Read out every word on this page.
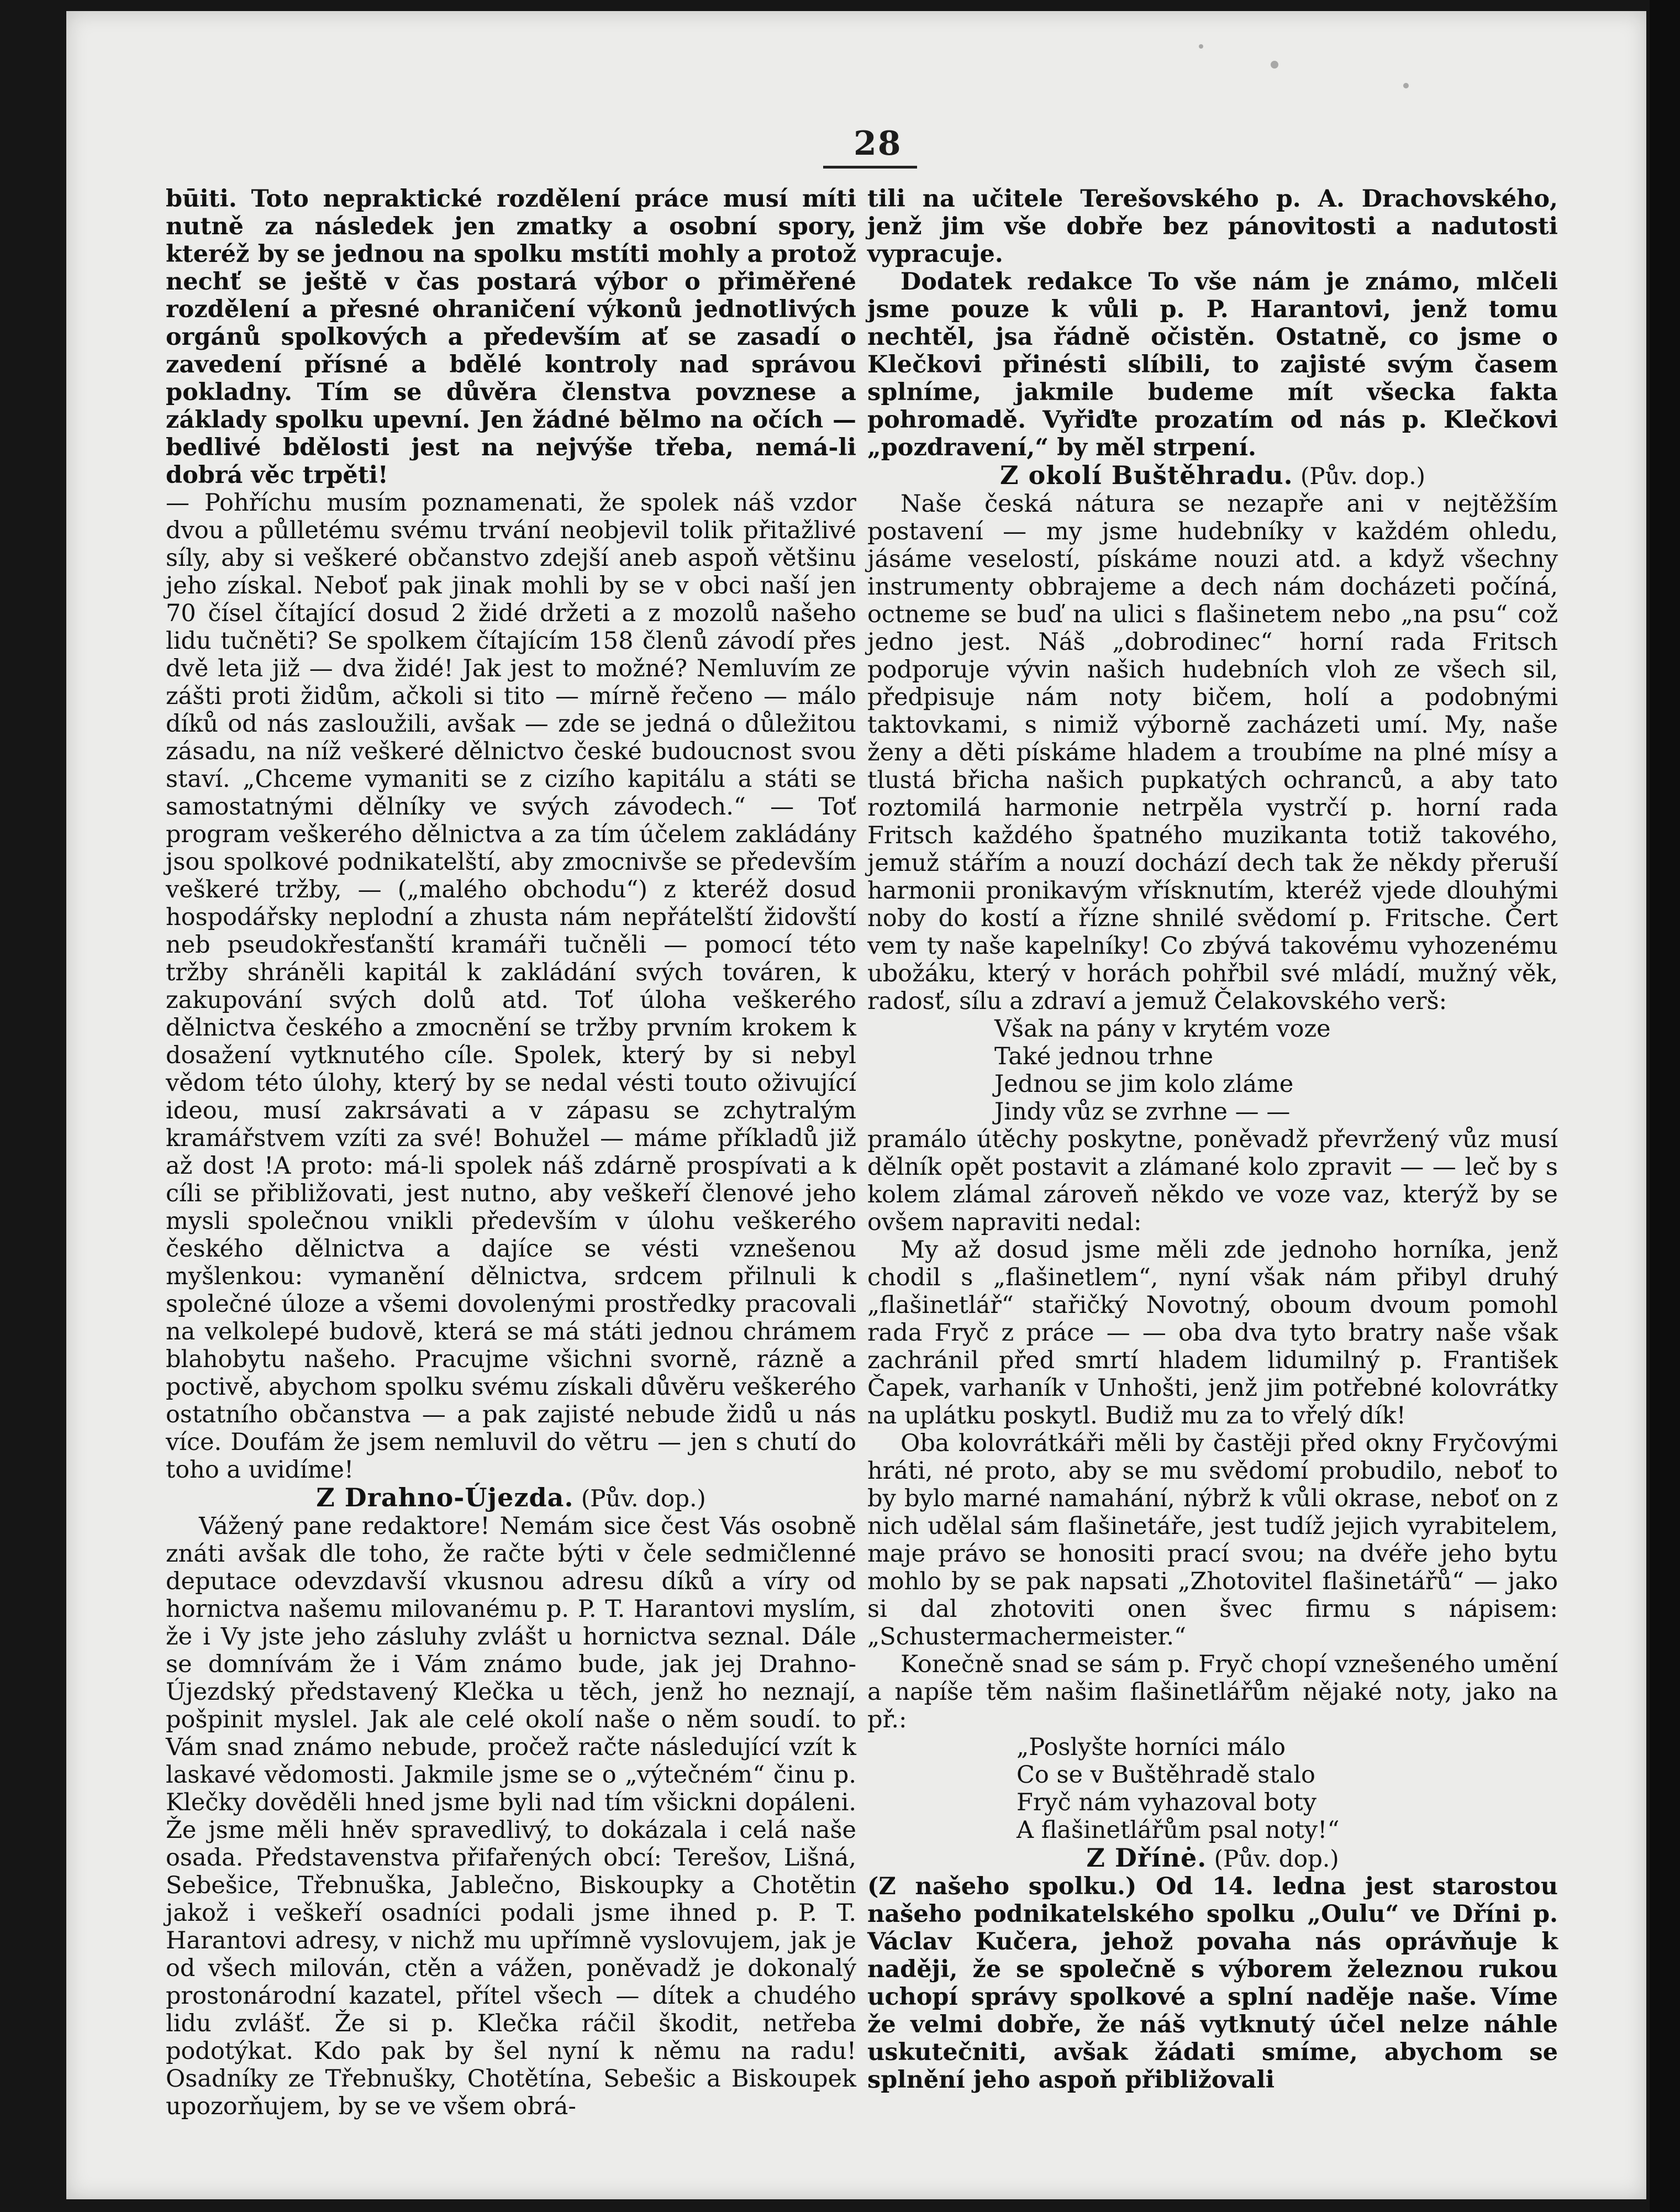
28

būiti. Toto nepraktické rozdělení práce musí míti nutně za následek jen zmatky a osobní spory, kteréž by se jednou na spolku mstíti mohly a protož nechť se ještě v čas postará výbor o přiměřené rozdělení a přesné ohraničení výkonů jednotlivých orgánů spolkových a především ať se zasadí o zavedení přísné a bdělé kontroly nad správou pokladny. Tím se důvěra členstva povznese a základy spolku upevní. Jen žádné bělmo na očích — bedlivé bdělosti jest na nejvýše třeba, nemá-li dobrá věc trpěti!

— Pohříchu musím poznamenati, že spolek náš vzdor dvou a půlletému svému trvání neobjevil tolik přitažlivé síly, aby si veškeré občanstvo zdejší aneb aspoň většinu jeho získal. Neboť pak jinak mohli by se v obci naší jen 70 čísel čítající dosud 2 židé držeti a z mozolů našeho lidu tučněti? Se spolkem čítajícím 158 členů závodí přes dvě leta již — dva židé! Jak jest to možné? Nemluvím ze zášti proti židům, ačkoli si tito — mírně řečeno — málo díků od nás zasloužili, avšak — zde se jedná o důležitou zásadu, na níž veškeré dělnictvo české budoucnost svou staví. „Chceme vymaniti se z cizího kapitálu a státi se samostatnými dělníky ve svých závodech.“ — Toť program veškerého dělnictva a za tím účelem zakládány jsou spolkové podnikatelští, aby zmocnivše se především veškeré tržby, — („malého obchodu“) z kteréž dosud hospodářsky neplodní a zhusta nám nepřátelští židovští neb pseudokřesťanští kramáři tučněli — pomocí této tržby shráněli kapitál k zakládání svých továren, k zakupování svých dolů atd. Toť úloha veškerého dělnictva českého a zmocnění se tržby prvním krokem k dosažení vytknutého cíle. Spolek, který by si nebyl vědom této úlohy, který by se nedal vésti touto oživující ideou, musí zakrsávati a v zápasu se zchytralým kramářstvem vzíti za své! Bohužel — máme příkladů již až dost !A proto: má-li spolek náš zdárně prospívati a k cíli se přibližovati, jest nutno, aby veškeří členové jeho mysli společnou vnikli především v úlohu veškerého českého dělnictva a dajíce se vésti vznešenou myšlenkou: vymanění dělnictva, srdcem přilnuli k společné úloze a všemi dovolenými prostředky pracovali na velkolepé budově, která se má státi jednou chrámem blahobytu našeho. Pracujme všichni svorně, rázně a poctivě, abychom spolku svému získali důvěru veškerého ostatního občanstva — a pak zajisté nebude židů u nás více. Doufám že jsem nemluvil do větru — jen s chutí do toho a uvidíme!

Z Drahno-Újezda. (Pův. dop.)

Vážený pane redaktore! Nemám sice čest Vás osobně znáti avšak dle toho, že račte býti v čele sedmičlenné deputace odevzdavší vkusnou adresu díků a víry od hornictva našemu milovanému p. P. T. Harantovi myslím, že i Vy jste jeho zásluhy zvlášt u hornictva seznal. Dále se domnívám že i Vám známo bude, jak jej Drahno-Újezdský představený Klečka u těch, jenž ho neznají, pošpinit myslel. Jak ale celé okolí naše o něm soudí. to Vám snad známo nebude, pročež račte následující vzít k laskavé vědomosti. Jakmile jsme se o „výtečném“ činu p. Klečky dověděli hned jsme byli nad tím všickni dopáleni. Že jsme měli hněv spravedlivý, to dokázala i celá naše osada. Představenstva přifařených obcí: Terešov, Lišná, Sebešice, Třebnuška, Jablečno, Biskoupky a Chotětin jakož i veškeří osadníci podali jsme ihned p. P. T. Harantovi adresy, v nichž mu upřímně vyslovujem, jak je od všech milován, ctěn a vážen, poněvadž je dokonalý prostonárodní kazatel, přítel všech — dítek a chudého lidu zvlášť. Že si p. Klečka ráčil škodit, netřeba podotýkat. Kdo pak by šel nyní k němu na radu! Osadníky ze Třebnušky, Chotětína, Sebešic a Biskoupek upozorňujem, by se ve všem obrá-

tili na učitele Terešovského p. A. Drachovského, jenž jim vše dobře bez pánovitosti a nadutosti vypracuje.

Dodatek redakce To vše nám je známo, mlčeli jsme pouze k vůli p. P. Harantovi, jenž tomu nechtěl, jsa řádně očistěn. Ostatně, co jsme o Klečkovi přinésti slíbili, to zajisté svým časem splníme, jakmile budeme mít všecka fakta pohromadě. Vyřiďte prozatím od nás p. Klečkovi „pozdravení,“ by měl strpení.

Z okolí Buštěhradu. (Pův. dop.)

Naše česká nátura se nezapře ani v nejtěžším postavení — my jsme hudebníky v každém ohledu, jásáme veselostí, pískáme nouzi atd. a když všechny instrumenty obbrajeme a dech nám docházeti počíná, octneme se buď na ulici s flašinetem nebo „na psu“ což jedno jest. Náš „dobrodinec“ horní rada Fritsch podporuje vývin našich hudebních vloh ze všech sil, předpisuje nám noty bičem, holí a podobnými taktovkami, s nimiž výborně zacházeti umí. My, naše ženy a děti pískáme hladem a troubíme na plné mísy a tlustá břicha našich pupkatých ochranců, a aby tato roztomilá harmonie netrpěla vystrčí p. horní rada Fritsch každého špatného muzikanta totiž takového, jemuž stářím a nouzí dochází dech tak že někdy přeruší harmonii pronikavým vřísknutím, kteréž vjede dlouhými noby do kostí a řízne shnilé svědomí p. Fritsche. Čert vem ty naše kapelníky! Co zbývá takovému vyhozenému ubožáku, který v horách pohřbil své mládí, mužný věk, radosť, sílu a zdraví a jemuž Čelakovského verš:

Však na pány v krytém voze
Také jednou trhne
Jednou se jim kolo zláme
Jindy vůz se zvrhne — —

pramálo útěchy poskytne, poněvadž převržený vůz musí dělník opět postavit a zlámané kolo zpravit — — leč by s kolem zlámal zároveň někdo ve voze vaz, kterýž by se ovšem napraviti nedal:

My až dosud jsme měli zde jednoho horníka, jenž chodil s „flašinetlem“, nyní však nám přibyl druhý „flašinetlář“ stařičký Novotný, oboum dvoum pomohl rada Fryč z práce — — oba dva tyto bratry naše však zachránil před smrtí hladem lidumilný p. František Čapek, varhaník v Unhošti, jenž jim potřebné kolovrátky na uplátku poskytl. Budiž mu za to vřelý dík!

Oba kolovrátkáři měli by častěji před okny Fryčovými hráti, né proto, aby se mu svědomí probudilo, neboť to by bylo marné namahání, nýbrž k vůli okrase, neboť on z nich udělal sám flašinetáře, jest tudíž jejich vyrabitelem, maje právo se honositi prací svou; na dvéře jeho bytu mohlo by se pak napsati „Zhotovitel flašinetářů“ — jako si dal zhotoviti onen švec firmu s nápisem: „Schustermachermeister.“

Konečně snad se sám p. Fryč chopí vznešeného umění a napíše těm našim flašinetlářům nějaké noty, jako na př.:

„Poslyšte horníci málo
Co se v Buštěhradě stalo
Fryč nám vyhazoval boty
A flašinetlářům psal noty!“
Z Dřínė. (Pův. dop.)

(Z našeho spolku.) Od 14. ledna jest starostou našeho podnikatelského spolku „Oulu“ ve Dříni p. Václav Kučera, jehož povaha nás oprávňuje k naději, že se společně s výborem železnou rukou uchopí správy spolkové a splní naděje naše. Víme že velmi dobře, že náš vytknutý účel nelze náhle uskutečniti, avšak žádati smíme, abychom se splnění jeho aspoň přibližovali
